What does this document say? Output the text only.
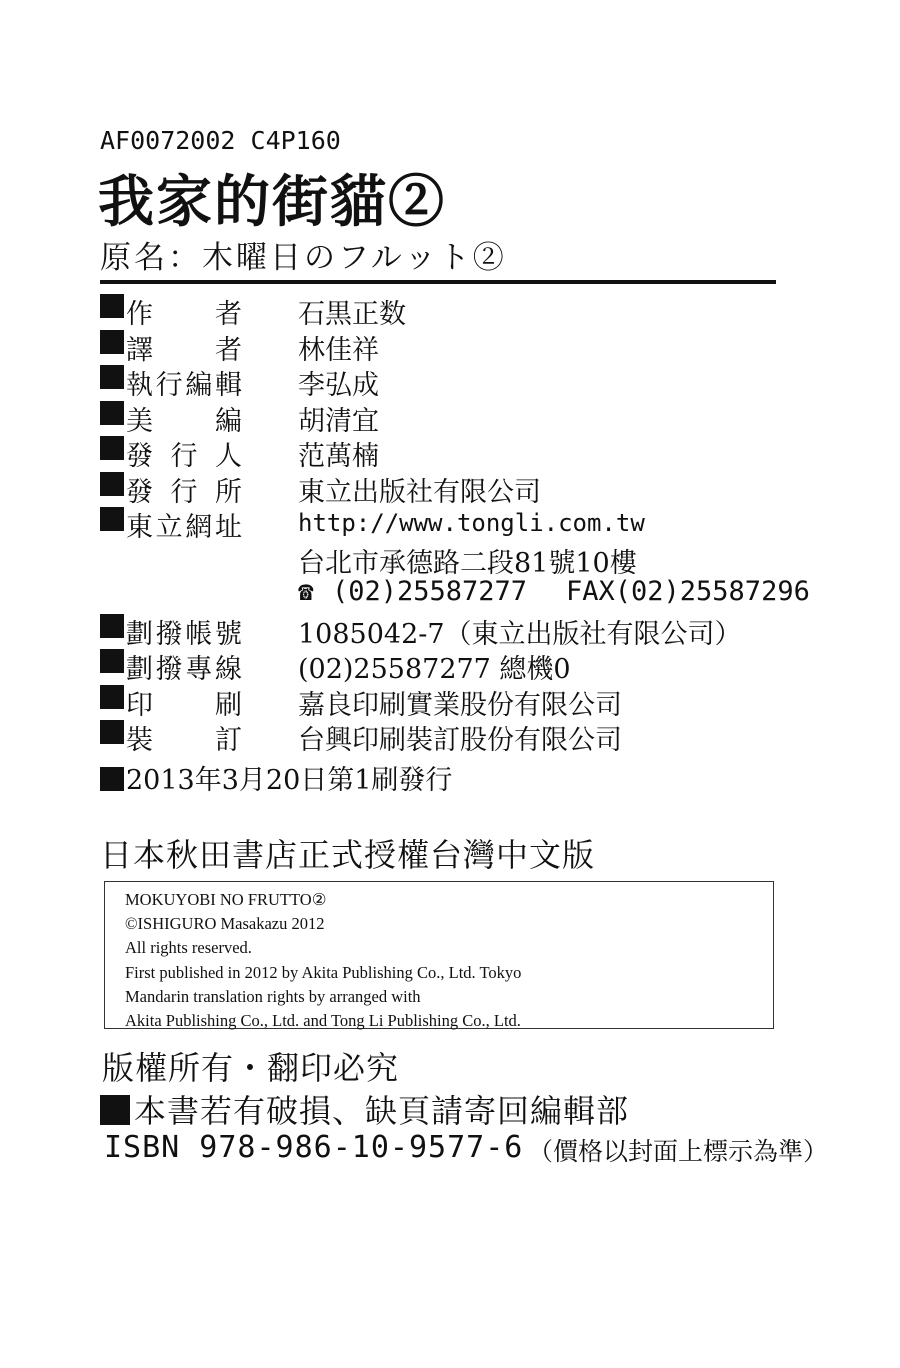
AF0072002 C4P160
我家的街貓②
原名：木曜日のフルット②
作　者 石黒正数
譯　者 林佳祥
執行編輯 李弘成
美　編 胡清宜
發行人 范萬楠
發行所 東立出版社有限公司
東立網址 http://www.tongli.com.tw
台北市承德路二段81號10樓
☎ (02)25587277 FAX(02)25587296
劃撥帳號 1085042-7（東立出版社有限公司）
劃撥專線 (02)25587277 總機0
印　刷 嘉良印刷實業股份有限公司
裝　訂 台興印刷裝訂股份有限公司
2013年3月20日第1刷發行
日本秋田書店正式授權台灣中文版
MOKUYOBI NO FRUTTO②
©ISHIGURO Masakazu 2012
All rights reserved.
First published in 2012 by Akita Publishing Co., Ltd. Tokyo
Mandarin translation rights by arranged with
Akita Publishing Co., Ltd. and Tong Li Publishing Co., Ltd.
版權所有・翻印必究
本書若有破損、缺頁請寄回編輯部
ISBN 978-986-10-9577-6 （價格以封面上標示為準）
